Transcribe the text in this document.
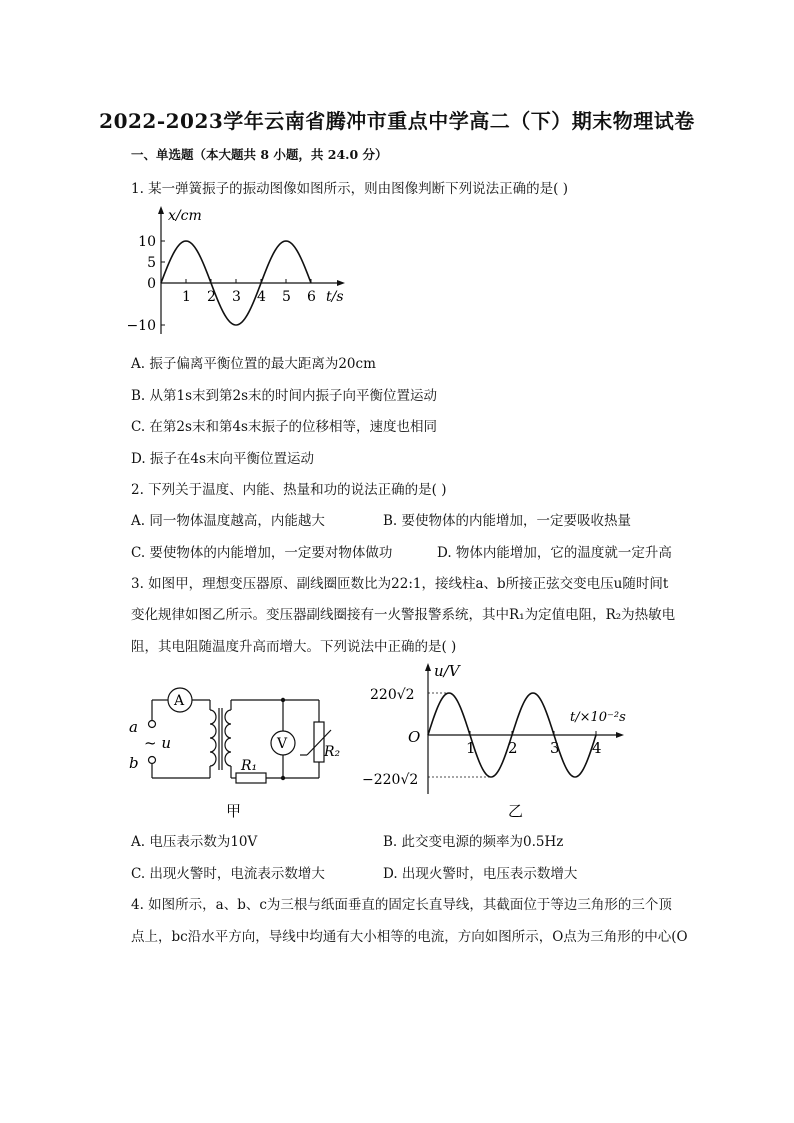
2022-2023学年云南省腾冲市重点中学高二（下）期末物理试卷
一、单选题（本大题共 8 小题，共 24.0 分）
1. 某一弹簧振子的振动图像如图所示，则由图像判断下列说法正确的是( )
x/cm
t/s
10
5
0
−10
1 2 3 4 5 6
A. 振子偏离平衡位置的最大距离为20cm
B. 从第1s末到第2s末的时间内振子向平衡位置运动
C. 在第2s末和第4s末振子的位移相等，速度也相同
D. 振子在4s末向平衡位置运动
2. 下列关于温度、内能、热量和功的说法正确的是( )
A. 同一物体温度越高，内能越大	B. 要使物体的内能增加，一定要吸收热量
C. 要使物体的内能增加，一定要对物体做功	D. 物体内能增加，它的温度就一定升高
3. 如图甲，理想变压器原、副线圈匝数比为22:1，接线柱a、b所接正弦交变电压u随时间t
变化规律如图乙所示。变压器副线圈接有一火警报警系统，其中R₁为定值电阻，R₂为热敏电
阻，其电阻随温度升高而增大。下列说法中正确的是( )
A
V
a
~ u
b	R₁
R₂
甲
u/V
t/×10⁻²s
O
220√2
−220√2
1 2 3 4
乙
A. 电压表示数为10V	B. 此交变电源的频率为0.5Hz
C. 出现火警时，电流表示数增大	D. 出现火警时，电压表示数增大
4. 如图所示，a、b、c为三根与纸面垂直的固定长直导线，其截面位于等边三角形的三个顶
点上，bc沿水平方向，导线中均通有大小相等的电流，方向如图所示，O点为三角形的中心(O
